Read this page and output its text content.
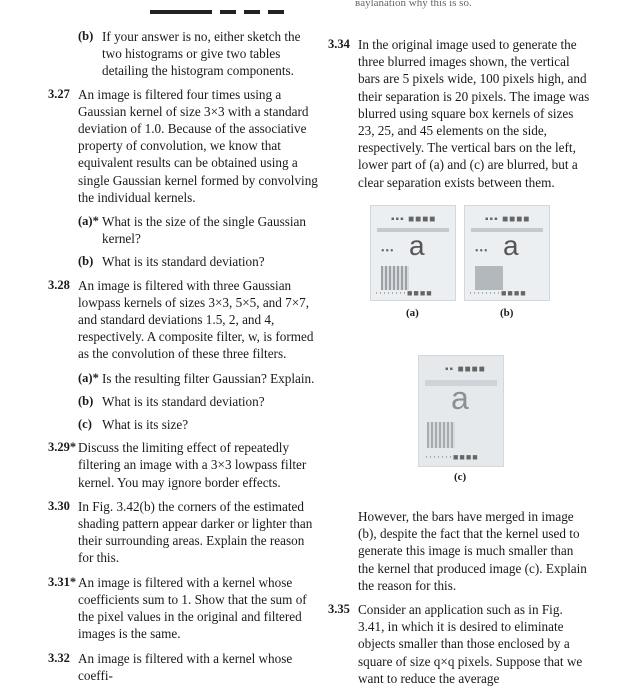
вaylanation why this is so.
(b) If your answer is no, either sketch the two histograms or give two tables detailing the histogram components.
3.27 An image is filtered four times using a Gaussian kernel of size 3×3 with a standard deviation of 1.0. Because of the associative property of convolution, we know that equivalent results can be obtained using a single Gaussian kernel formed by convolving the individual kernels.
(a)* What is the size of the single Gaussian kernel?
(b) What is its standard deviation?
3.28 An image is filtered with three Gaussian lowpass kernels of sizes 3×3, 5×5, and 7×7, and standard deviations 1.5, 2, and 4, respectively. A composite filter, w, is formed as the convolution of these three filters.
(a)* Is the resulting filter Gaussian? Explain.
(b) What is its standard deviation?
(c) What is its size?
3.29* Discuss the limiting effect of repeatedly filtering an image with a 3×3 lowpass filter kernel. You may ignore border effects.
3.30 In Fig. 3.42(b) the corners of the estimated shading pattern appear darker or lighter than their surrounding areas. Explain the reason for this.
3.31* An image is filtered with a kernel whose coefficients sum to 1. Show that the sum of the pixel values in the original and filtered images is the same.
3.32 An image is filtered with a kernel whose coeffi-
3.34 In the original image used to generate the three blurred images shown, the vertical bars are 5 pixels wide, 100 pixels high, and their separation is 20 pixels. The image was blurred using square box kernels of sizes 23, 25, and 45 elements on the side, respectively. The vertical bars on the left, lower part of (a) and (c) are blurred, but a clear separation exists between them.
▪▪▪ ■■■■
a
•••
········■■■■
▪▪▪ ■■■■
a
•••
········■■■■
(a)	(b)
▪▪ ■■■■
a
·······■■■■
(c)
However, the bars have merged in image (b), despite the fact that the kernel used to generate this image is much smaller than the kernel that produced image (c). Explain the reason for this.
3.35 Consider an application such as in Fig. 3.41, in which it is desired to eliminate objects smaller than those enclosed by a square of size q×q pixels. Suppose that we want to reduce the average
